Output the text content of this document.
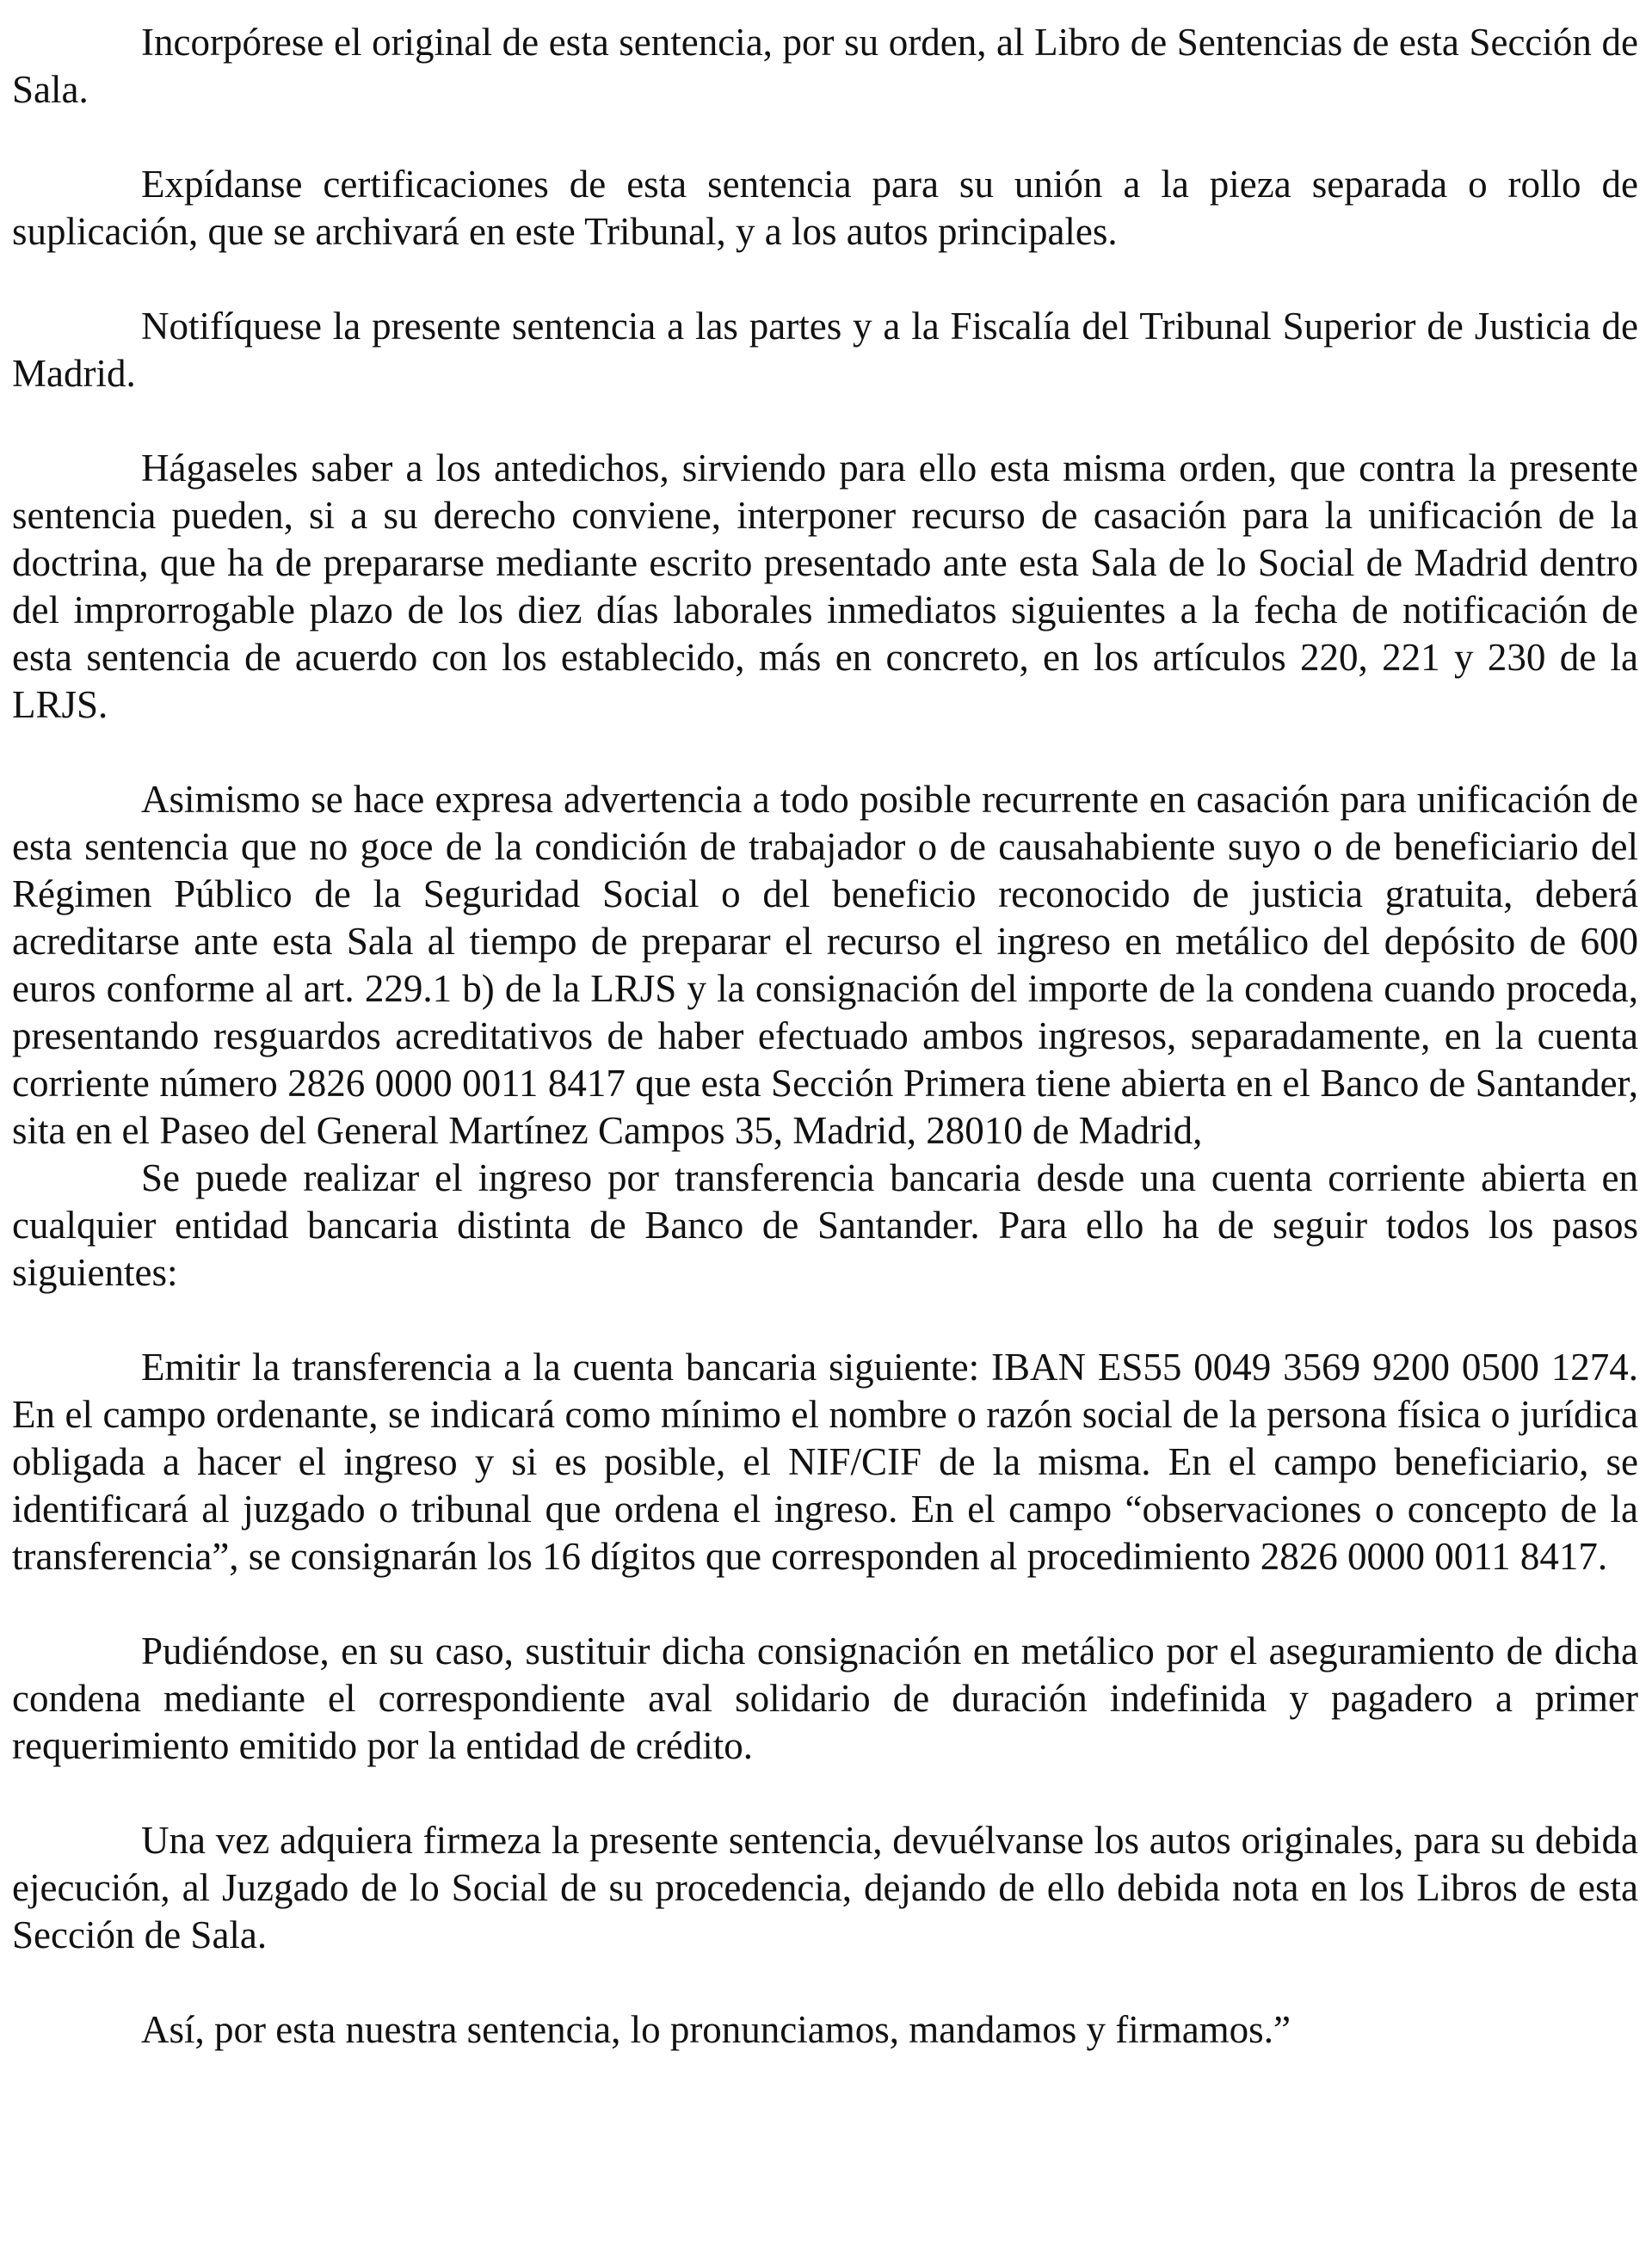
Incorpórese el original de esta sentencia, por su orden, al Libro de Sentencias de esta Sección de Sala.

Expídanse certificaciones de esta sentencia para su unión a la pieza separada o rollo de suplicación, que se archivará en este Tribunal, y a los autos principales.

Notifíquese la presente sentencia a las partes y a la Fiscalía del Tribunal Superior de Justicia de Madrid.

Hágaseles saber a los antedichos, sirviendo para ello esta misma orden, que contra la presente sentencia pueden, si a su derecho conviene, interponer recurso de casación para la unificación de la doctrina, que ha de prepararse mediante escrito presentado ante esta Sala de lo Social de Madrid dentro del improrrogable plazo de los diez días laborales inmediatos siguientes a la fecha de notificación de esta sentencia de acuerdo con los establecido, más en concreto, en los artículos 220, 221 y 230 de la LRJS.

Asimismo se hace expresa advertencia a todo posible recurrente en casación para unificación de esta sentencia que no goce de la condición de trabajador o de causahabiente suyo o de beneficiario del Régimen Público de la Seguridad Social o del beneficio reconocido de justicia gratuita, deberá acreditarse ante esta Sala al tiempo de preparar el recurso el ingreso en metálico del depósito de 600 euros conforme al art. 229.1 b) de la LRJS y la consignación del importe de la condena cuando proceda, presentando resguardos acreditativos de haber efectuado ambos ingresos, separadamente, en la cuenta corriente número 2826 0000 0011 8417 que esta Sección Primera tiene abierta en el Banco de Santander, sita en el Paseo del General Martínez Campos 35, Madrid, 28010 de Madrid,

Se puede realizar el ingreso por transferencia bancaria desde una cuenta corriente abierta en cualquier entidad bancaria distinta de Banco de Santander. Para ello ha de seguir todos los pasos siguientes:

Emitir la transferencia a la cuenta bancaria siguiente: IBAN ES55 0049 3569 9200 0500 1274. En el campo ordenante, se indicará como mínimo el nombre o razón social de la persona física o jurídica obligada a hacer el ingreso y si es posible, el NIF/CIF de la misma. En el campo beneficiario, se identificará al juzgado o tribunal que ordena el ingreso. En el campo “observaciones o concepto de la transferencia”, se consignarán los 16 dígitos que corresponden al procedimiento 2826 0000 0011 8417.

Pudiéndose, en su caso, sustituir dicha consignación en metálico por el aseguramiento de dicha condena mediante el correspondiente aval solidario de duración indefinida y pagadero a primer requerimiento emitido por la entidad de crédito.

Una vez adquiera firmeza la presente sentencia, devuélvanse los autos originales, para su debida ejecución, al Juzgado de lo Social de su procedencia, dejando de ello debida nota en los Libros de esta Sección de Sala.

Así, por esta nuestra sentencia, lo pronunciamos, mandamos y firmamos.”
